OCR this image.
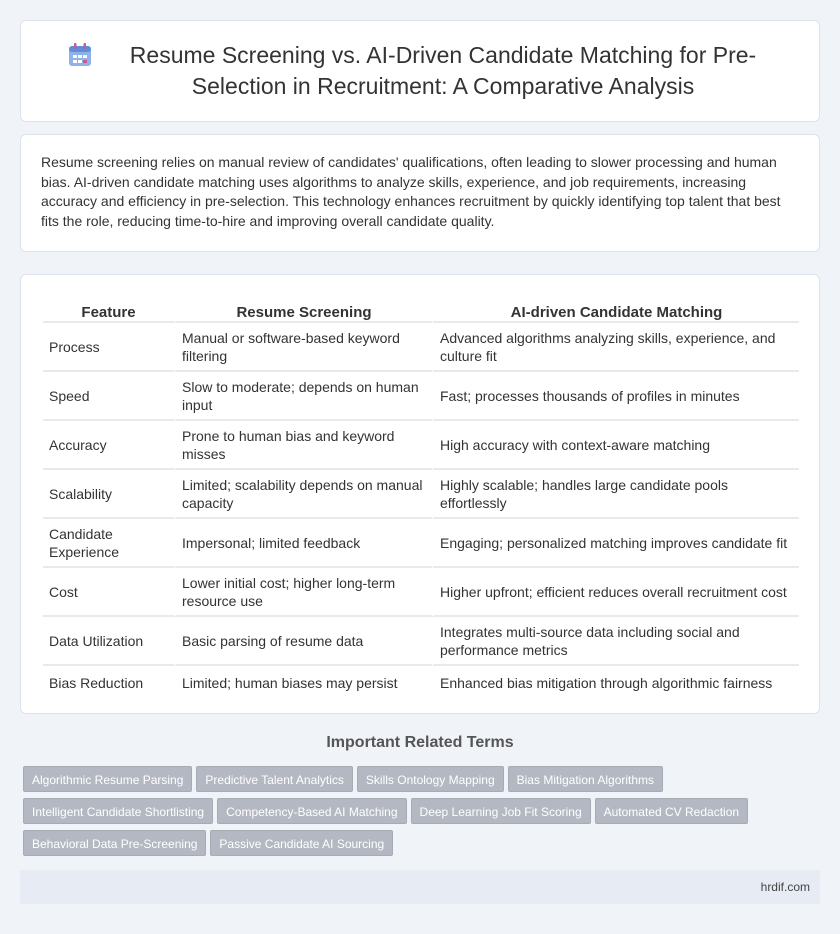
Resume Screening vs. AI-Driven Candidate Matching for Pre-Selection in Recruitment: A Comparative Analysis

Resume screening relies on manual review of candidates' qualifications, often leading to slower processing and human bias. AI-driven candidate matching uses algorithms to analyze skills, experience, and job requirements, increasing accuracy and efficiency in pre-selection. This technology enhances recruitment by quickly identifying top talent that best fits the role, reducing time-to-hire and improving overall candidate quality.

Feature	Resume Screening	AI-driven Candidate Matching
Process	Manual or software-based keyword filtering	Advanced algorithms analyzing skills, experience, and culture fit
Speed	Slow to moderate; depends on human input	Fast; processes thousands of profiles in minutes
Accuracy	Prone to human bias and keyword misses	High accuracy with context-aware matching
Scalability	Limited; scalability depends on manual capacity	Highly scalable; handles large candidate pools effortlessly
Candidate Experience	Impersonal; limited feedback	Engaging; personalized matching improves candidate fit
Cost	Lower initial cost; higher long-term resource use	Higher upfront; efficient reduces overall recruitment cost
Data Utilization	Basic parsing of resume data	Integrates multi-source data including social and performance metrics
Bias Reduction	Limited; human biases may persist	Enhanced bias mitigation through algorithmic fairness
Important Related Terms
Algorithmic Resume Parsing Predictive Talent Analytics Skills Ontology Mapping Bias Mitigation Algorithms
Intelligent Candidate Shortlisting Competency-Based AI Matching Deep Learning Job Fit Scoring Automated CV Redaction
Behavioral Data Pre-Screening Passive Candidate AI Sourcing
hrdif.com
